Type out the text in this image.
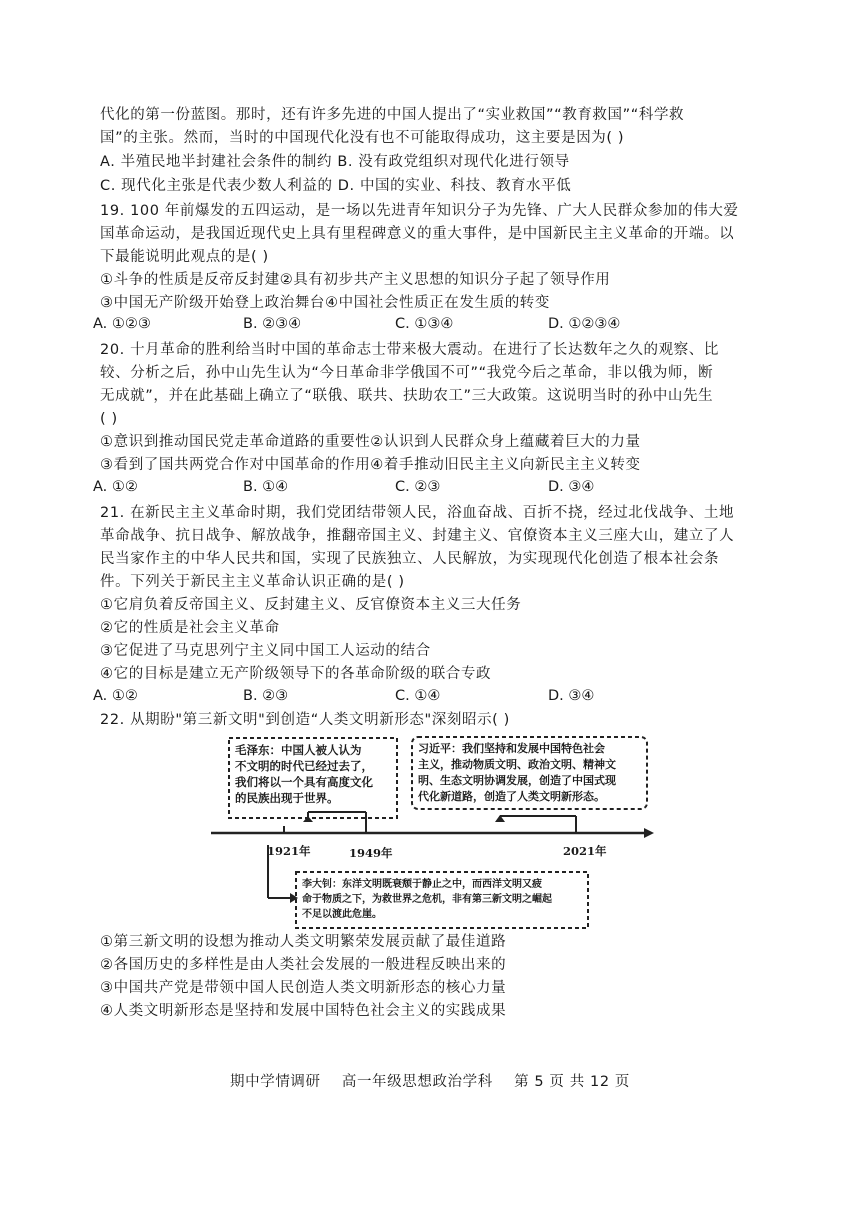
代化的第一份蓝图。那时，还有许多先进的中国人提出了“实业救国”“教育救国”“科学救
国”的主张。然而，当时的中国现代化没有也不可能取得成功，这主要是因为( )
A. 半殖民地半封建社会条件的制约 B. 没有政党组织对现代化进行领导
C. 现代化主张是代表少数人利益的 D. 中国的实业、科技、教育水平低
19. 100 年前爆发的五四运动，是一场以先进青年知识分子为先锋、广大人民群众参加的伟大爱
国革命运动，是我国近现代史上具有里程碑意义的重大事件，是中国新民主主义革命的开端。以
下最能说明此观点的是( )
①斗争的性质是反帝反封建②具有初步共产主义思想的知识分子起了领导作用
③中国无产阶级开始登上政治舞台④中国社会性质正在发生质的转变
A. ①②③	B. ②③④	C. ①③④	D. ①②③④
20. 十月革命的胜利给当时中国的革命志士带来极大震动。在进行了长达数年之久的观察、比
较、分析之后，孙中山先生认为“今日革命非学俄国不可”“我党今后之革命，非以俄为师，断
无成就”，并在此基础上确立了“联俄、联共、扶助农工”三大政策。这说明当时的孙中山先生
( )
①意识到推动国民党走革命道路的重要性②认识到人民群众身上蕴藏着巨大的力量
③看到了国共两党合作对中国革命的作用④着手推动旧民主主义向新民主主义转变
A. ①②	B. ①④	C. ②③	D. ③④
21. 在新民主主义革命时期，我们党团结带领人民，浴血奋战、百折不挠，经过北伐战争、土地
革命战争、抗日战争、解放战争，推翻帝国主义、封建主义、官僚资本主义三座大山，建立了人
民当家作主的中华人民共和国，实现了民族独立、人民解放，为实现现代化创造了根本社会条
件。下列关于新民主主义革命认识正确的是( )
①它肩负着反帝国主义、反封建主义、反官僚资本主义三大任务
②它的性质是社会主义革命
③它促进了马克思列宁主义同中国工人运动的结合
④它的目标是建立无产阶级领导下的各革命阶级的联合专政
A. ①②	B. ②③	C. ①④	D. ③④
22. 从期盼"第三新文明"到创造“人类文明新形态"深刻昭示( )
毛泽东：中国人被人认为 不文明的时代已经过去了， 我们将以一个具有高度文化 的民族出现于世界。
习近平：我们坚持和发展中国特色社会 主义，推动物质文明、政治文明、精神文 明、生态文明协调发展，创造了中国式现 代化新道路，创造了人类文明新形态。
1921年	1949年	2021年
李大钊：东洋文明既衰颓于静止之中，而西洋文明又疲 命于物质之下，为救世界之危机，非有第三新文明之崛起 不足以渡此危崖。
①第三新文明的设想为推动人类文明繁荣发展贡献了最佳道路
②各国历史的多样性是由人类社会发展的一般进程反映出来的
③中国共产党是带领中国人民创造人类文明新形态的核心力量
④人类文明新形态是坚持和发展中国特色社会主义的实践成果
期中学情调研 高一年级思想政治学科 第 5 页 共 12 页
